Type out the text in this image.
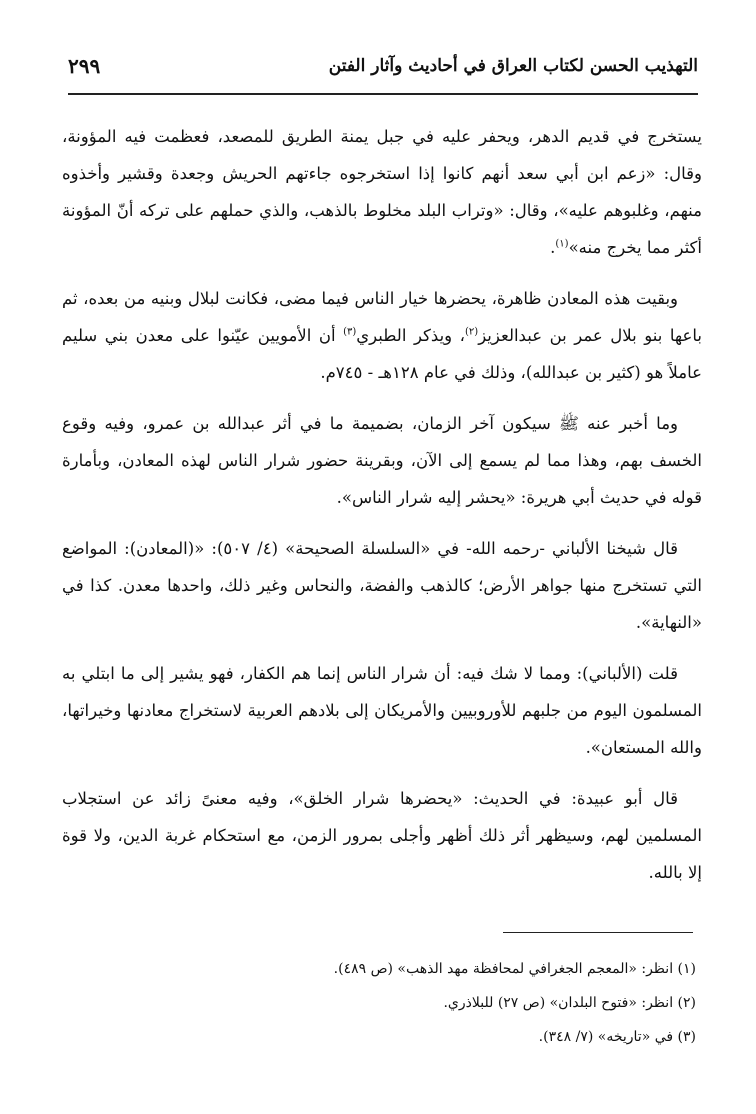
التهذيب الحسن لكتاب العراق في أحاديث وآثار الفتن
٢٩٩

يستخرج في قديم الدهر، ويحفر عليه في جبل يمنة الطريق للمصعد، فعظمت فيه المؤونة، وقال: «زعم ابن أبي سعد أنهم كانوا إذا استخرجوه جاءتهم الحريش وجعدة وقشير وأخذوه منهم، وغلبوهم عليه»، وقال: «وتراب البلد مخلوط بالذهب، والذي حملهم على تركه أنّ المؤونة أكثر مما يخرج منه»$^{(١)}$.

وبقيت هذه المعادن ظاهرة، يحضرها خيار الناس فيما مضى، فكانت لبلال وبنيه من بعده، ثم باعها بنو بلال عمر بن عبدالعزيز$^{(٢)}$، ويذكر الطبري$^{(٣)}$ أن الأمويين عيّنوا على معدن بني سليم عاملاً هو (كثير بن عبدالله)، وذلك في عام ١٢٨هـ - ٧٤٥م.

وما أخبر عنه ﷺ سيكون آخر الزمان، بضميمة ما في أثر عبدالله بن عمرو، وفيه وقوع الخسف بهم، وهذا مما لم يسمع إلى الآن، وبقرينة حضور شرار الناس لهذه المعادن، وبأمارة قوله في حديث أبي هريرة: «يحشر إليه شرار الناس».

قال شيخنا الألباني -رحمه الله- في «السلسلة الصحيحة» (٤/ ٥٠٧): «(المعادن): المواضع التي تستخرج منها جواهر الأرض؛ كالذهب والفضة، والنحاس وغير ذلك، واحدها معدن. كذا في «النهاية».

قلت (الألباني): ومما لا شك فيه: أن شرار الناس إنما هم الكفار، فهو يشير إلى ما ابتلي به المسلمون اليوم من جلبهم للأوروبيين والأمريكان إلى بلادهم العربية لاستخراج معادنها وخيراتها، والله المستعان».

قال أبو عبيدة: في الحديث: «يحضرها شرار الخلق»، وفيه معنىً زائد عن استجلاب المسلمين لهم، وسيظهر أثر ذلك أظهر وأجلى بمرور الزمن، مع استحكام غربة الدين، ولا قوة إلا بالله.

(١) انظر: «المعجم الجغرافي لمحافظة مهد الذهب» (ص ٤٨٩).
(٢) انظر: «فتوح البلدان» (ص ٢٧) للبلاذري.
(٣) في «تاريخه» (٧/ ٣٤٨).
